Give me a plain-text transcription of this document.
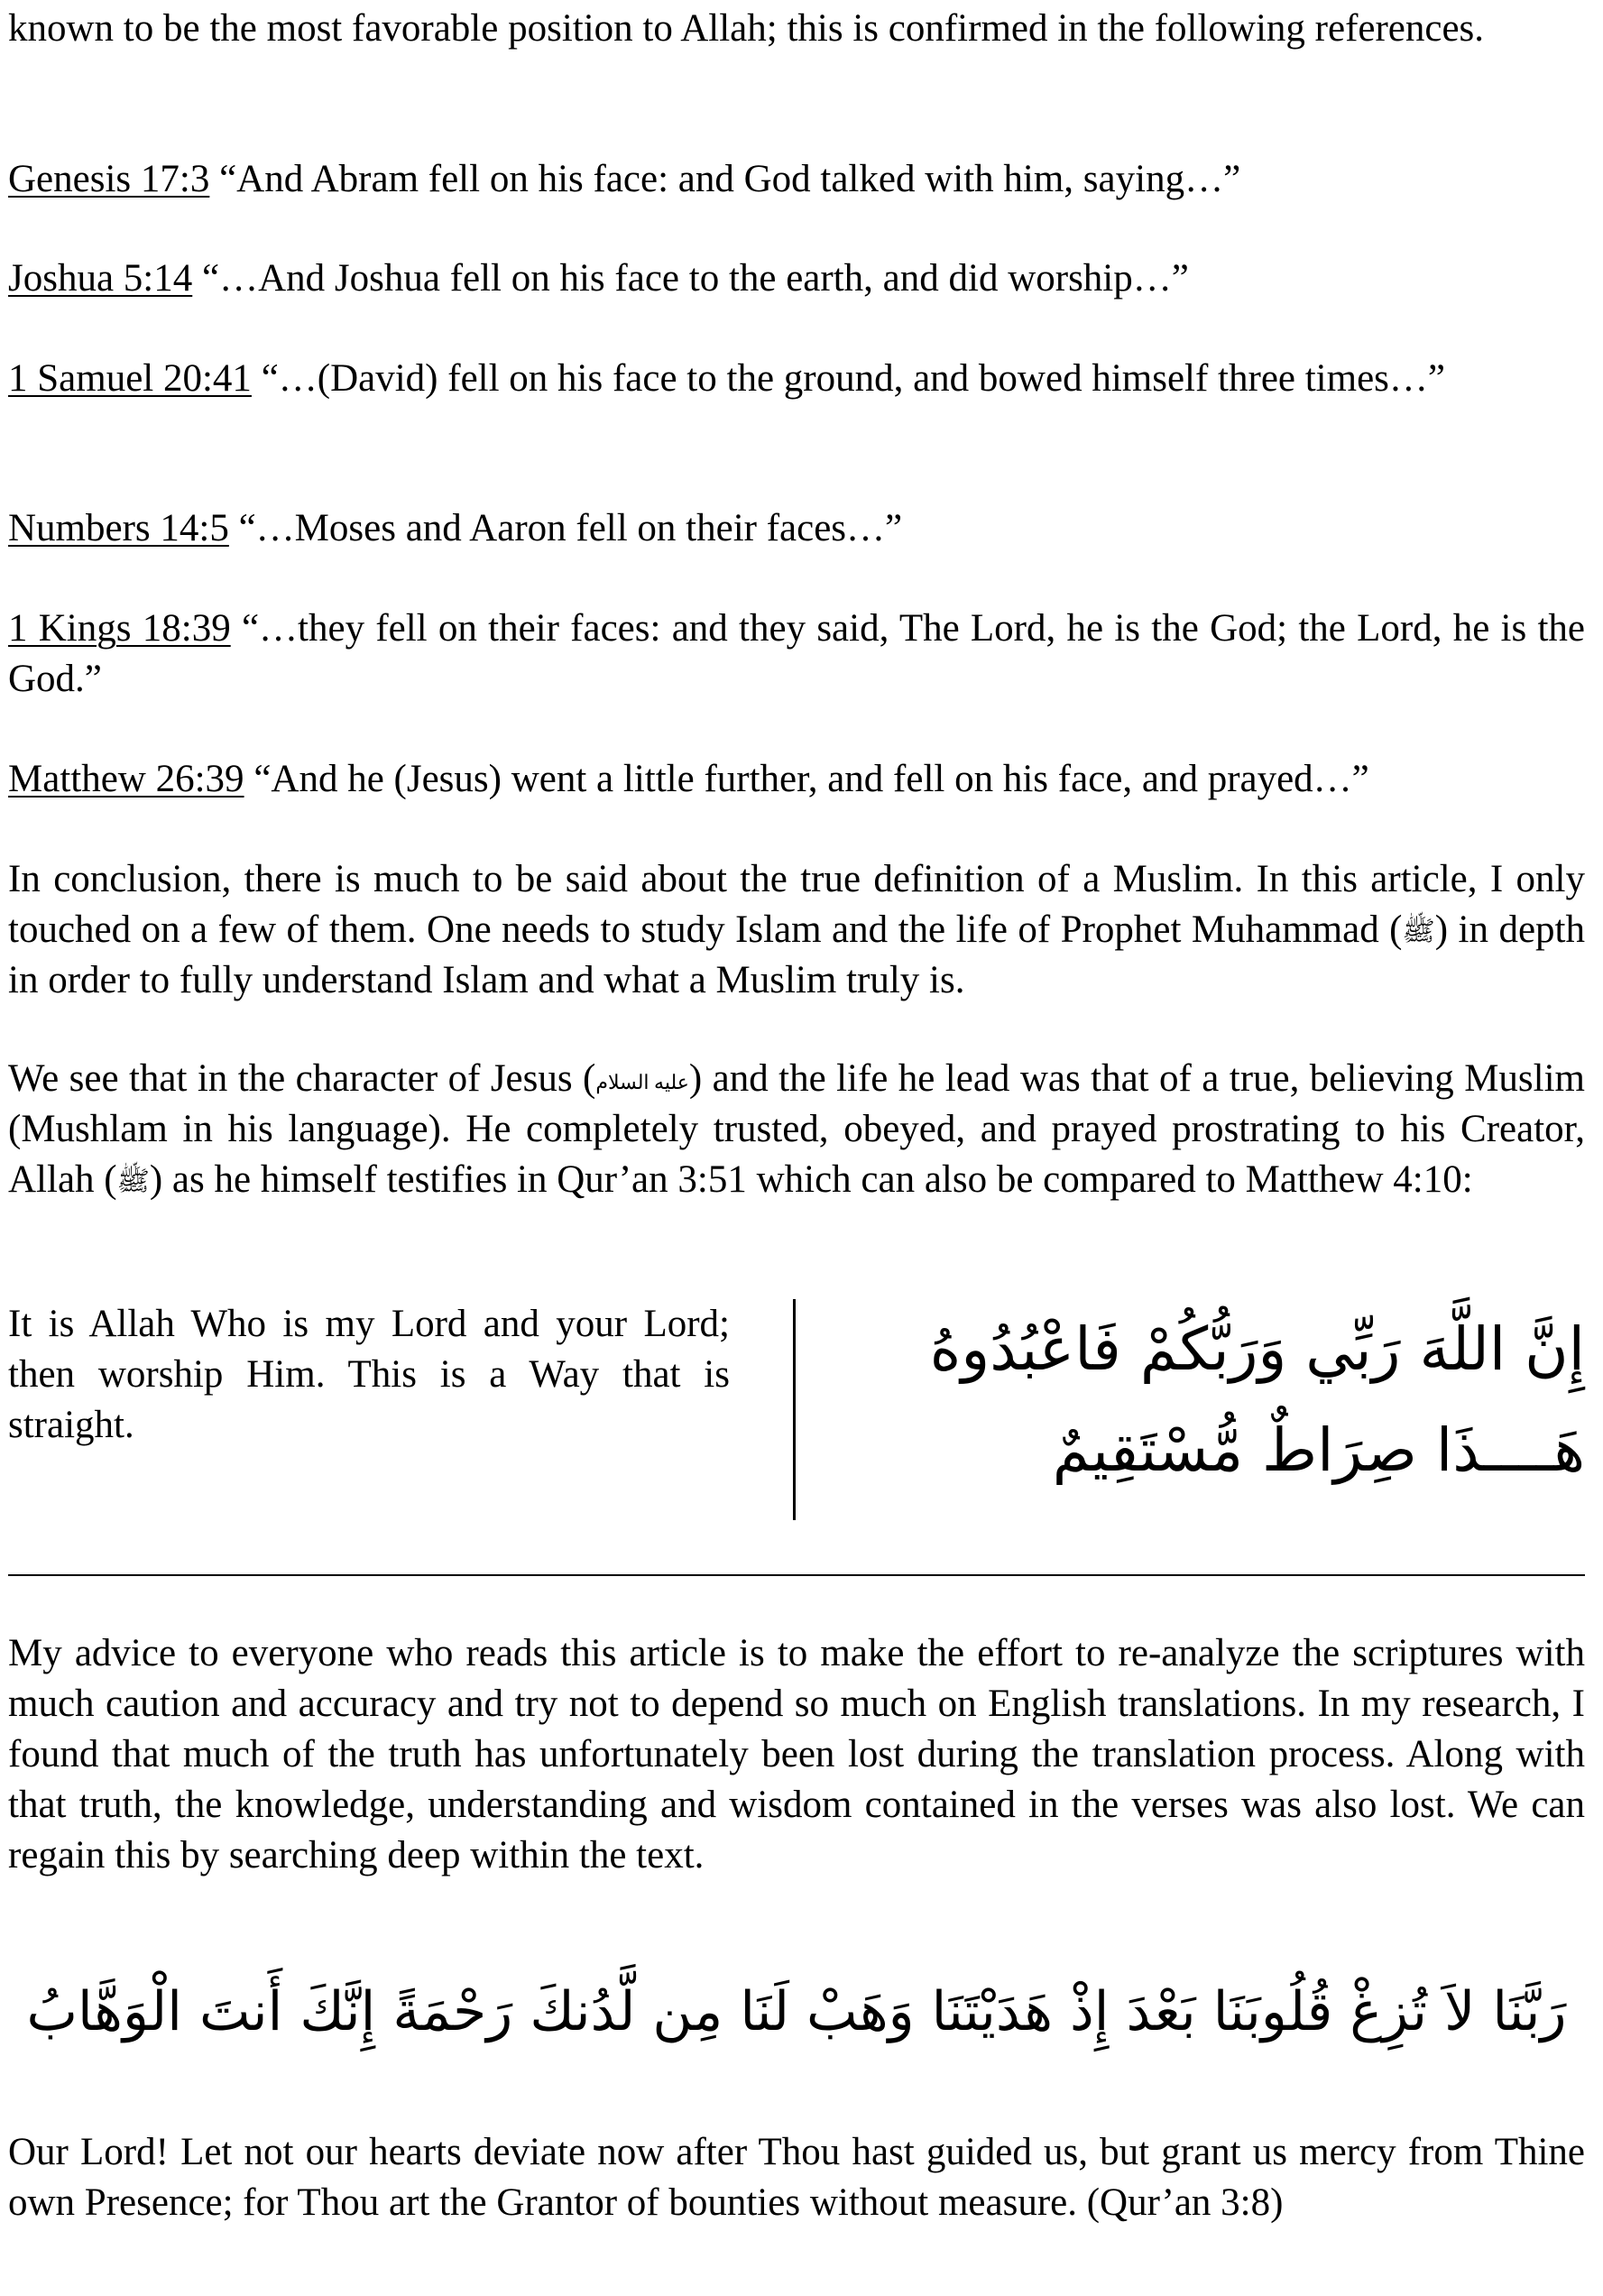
known to be the most favorable position to Allah; this is confirmed in the following references.

Genesis 17:3 “And Abram fell on his face: and God talked with him, saying…”

Joshua 5:14 “…And Joshua fell on his face to the earth, and did worship…”

1 Samuel 20:41 “…(David) fell on his face to the ground, and bowed himself three times…”

Numbers 14:5 “…Moses and Aaron fell on their faces…”

1 Kings 18:39 “…they fell on their faces: and they said, The Lord, he is the God; the Lord, he is the God.”

Matthew 26:39 “And he (Jesus) went a little further, and fell on his face, and prayed…”

In conclusion, there is much to be said about the true definition of a Muslim. In this article, I only touched on a few of them. One needs to study Islam and the life of Prophet Muhammad (ﷺ) in depth in order to fully understand Islam and what a Muslim truly is.

We see that in the character of Jesus (عليه السلام) and the life he lead was that of a true, believing Muslim (Mushlam in his language). He completely trusted, obeyed, and prayed prostrating to his Creator, Allah (ﷺ) as he himself testifies in Qur’an 3:51 which can also be compared to Matthew 4:10:

It is Allah Who is my Lord and your Lord; then worship Him. This is a Way that is straight.

إِنَّ اللَّهَ رَبِّي وَرَبُّكُمْ فَاعْبُدُوهُ هَــــذَا صِرَاطٌ مُّسْتَقِيمٌ

My advice to everyone who reads this article is to make the effort to re-analyze the scriptures with much caution and accuracy and try not to depend so much on English translations. In my research, I found that much of the truth has unfortunately been lost during the translation process. Along with that truth, the knowledge, understanding and wisdom contained in the verses was also lost. We can regain this by searching deep within the text.

رَبَّنَا لاَ تُزِغْ قُلُوبَنَا بَعْدَ إِذْ هَدَيْتَنَا وَهَبْ لَنَا مِن لَّدُنكَ رَحْمَةً إِنَّكَ أَنتَ الْوَهَّابُ

Our Lord! Let not our hearts deviate now after Thou hast guided us, but grant us mercy from Thine own Presence; for Thou art the Grantor of bounties without measure. (Qur’an 3:8)
